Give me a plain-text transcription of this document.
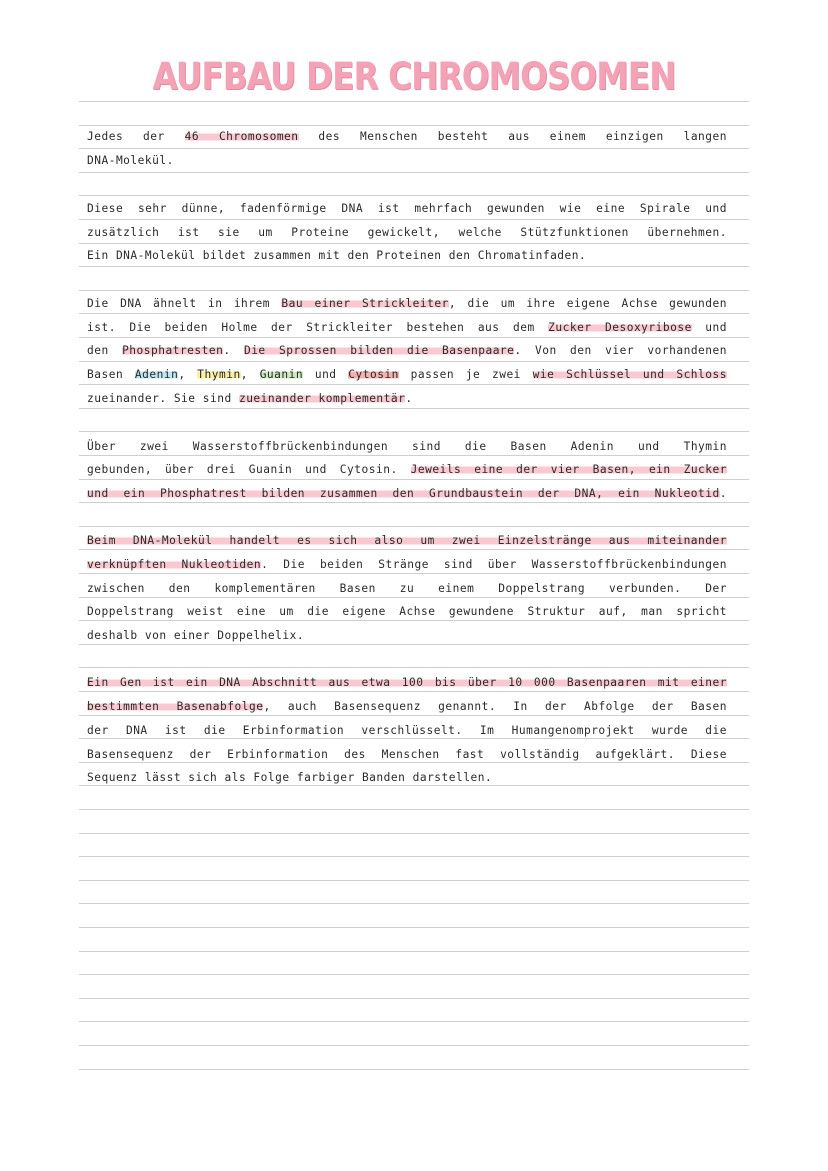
AUFBAU DER CHROMOSOMEN
Jedes der 46 Chromosomen des Menschen besteht aus einem einzigen langen
DNA-Molekül.
Diese sehr dünne, fadenförmige DNA ist mehrfach gewunden wie eine Spirale und
zusätzlich ist sie um Proteine gewickelt, welche Stützfunktionen übernehmen.
Ein DNA-Molekül bildet zusammen mit den Proteinen den Chromatinfaden.
Die DNA ähnelt in ihrem Bau einer Strickleiter, die um ihre eigene Achse gewunden
ist. Die beiden Holme der Strickleiter bestehen aus dem Zucker Desoxyribose und
den Phosphatresten. Die Sprossen bilden die Basenpaare. Von den vier vorhandenen
Basen Adenin, Thymin, Guanin und Cytosin passen je zwei wie Schlüssel und Schloss
zueinander. Sie sind zueinander komplementär.
Über zwei Wasserstoffbrückenbindungen sind die Basen Adenin und Thymin
gebunden, über drei Guanin und Cytosin. Jeweils eine der vier Basen, ein Zucker
und ein Phosphatrest bilden zusammen den Grundbaustein der DNA, ein Nukleotid.
Beim DNA-Molekül handelt es sich also um zwei Einzelstränge aus miteinander
verknüpften Nukleotiden. Die beiden Stränge sind über Wasserstoffbrückenbindungen
zwischen den komplementären Basen zu einem Doppelstrang verbunden. Der
Doppelstrang weist eine um die eigene Achse gewundene Struktur auf, man spricht
deshalb von einer Doppelhelix.
Ein Gen ist ein DNA Abschnitt aus etwa 100 bis über 10 000 Basenpaaren mit einer
bestimmten Basenabfolge, auch Basensequenz genannt. In der Abfolge der Basen
der DNA ist die Erbinformation verschlüsselt. Im Humangenomprojekt wurde die
Basensequenz der Erbinformation des Menschen fast vollständig aufgeklärt. Diese
Sequenz lässt sich als Folge farbiger Banden darstellen.
